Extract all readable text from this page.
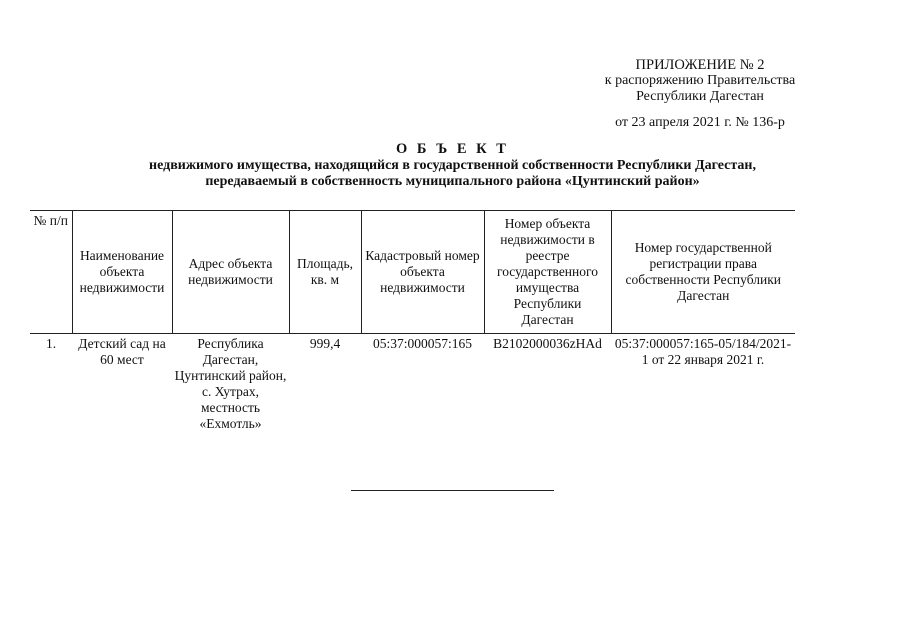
ПРИЛОЖЕНИЕ № 2
к распоряжению Правительства
Республики Дагестан
от 23 апреля 2021 г. № 136-р
О Б Ъ Е К Т
недвижимого имущества, находящийся в государственной собственности Республики Дагестан,
передаваемый в собственность муниципального района «Цунтинский район»
№ п/п	Наименование объекта недвижимости	Адрес объекта недвижимости	Площадь, кв. м	Кадастровый номер объекта недвижимости	Номер объекта недвижимости в реестре государственного имущества Республики Дагестан	Номер государственной регистрации права собственности Республики Дагестан
1.	Детский сад на 60 мест	Республика Дагестан, Цунтинский район, с. Хутрах, местность «Ехмотль»	999,4	05:37:000057:165	B2102000036zHAd	05:37:000057:165-05/184/2021-1 от 22 января 2021 г.
